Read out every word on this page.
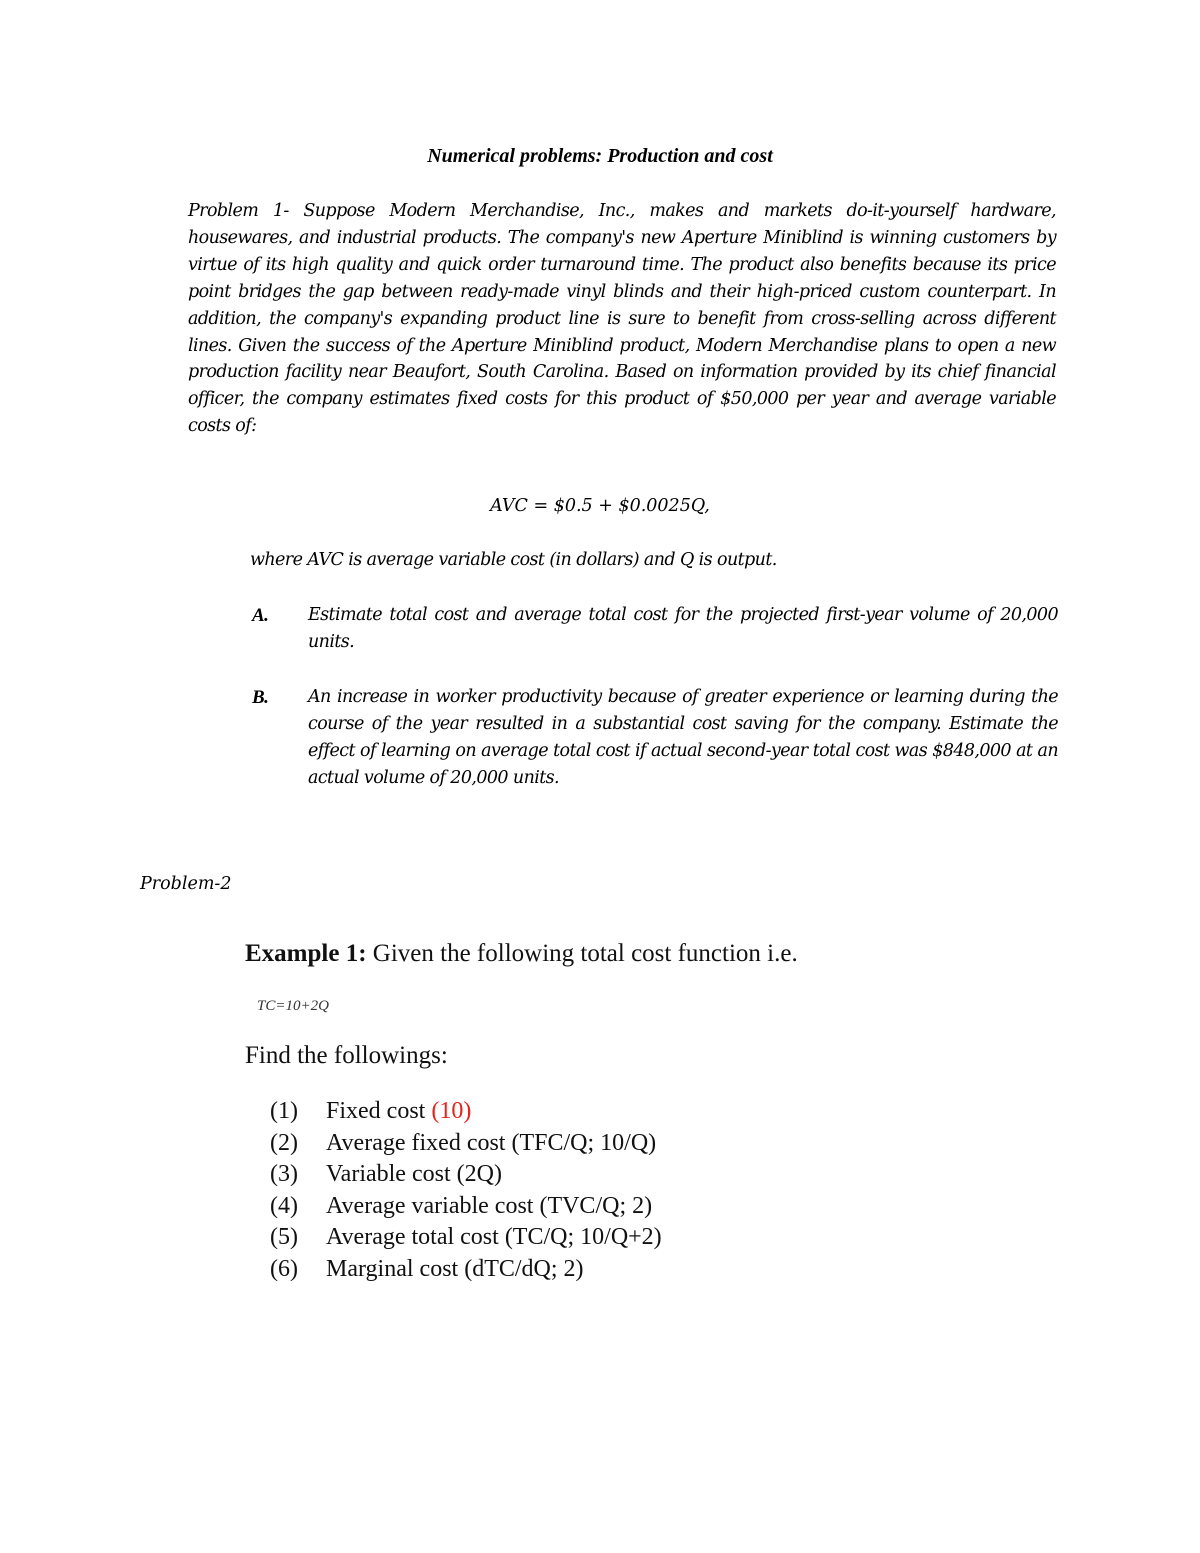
Numerical problems: Production and cost
Problem 1- Suppose Modern Merchandise, Inc., makes and markets do-it-yourself hardware, housewares, and industrial products. The company's new Aperture Miniblind is winning customers by virtue of its high quality and quick order turnaround time. The product also benefits because its price point bridges the gap between ready-made vinyl blinds and their high-priced custom counterpart. In addition, the company's expanding product line is sure to benefit from cross-selling across different lines. Given the success of the Aperture Miniblind product, Modern Merchandise plans to open a new production facility near Beaufort, South Carolina. Based on information provided by its chief financial officer, the company estimates fixed costs for this product of $50,000 per year and average variable costs of:
AVC = $0.5 + $0.0025Q,
where AVC is average variable cost (in dollars) and Q is output.
A. Estimate total cost and average total cost for the projected first-year volume of 20,000 units.
B. An increase in worker productivity because of greater experience or learning during the course of the year resulted in a substantial cost saving for the company. Estimate the effect of learning on average total cost if actual second-year total cost was $848,000 at an actual volume of 20,000 units.
Problem-2
Example 1: Given the following total cost function i.e.
TC=10+2Q
Find the followings:
(1) Fixed cost (10)
(2) Average fixed cost (TFC/Q; 10/Q)
(3) Variable cost (2Q)
(4) Average variable cost (TVC/Q; 2)
(5) Average total cost (TC/Q; 10/Q+2)
(6) Marginal cost (dTC/dQ; 2)
